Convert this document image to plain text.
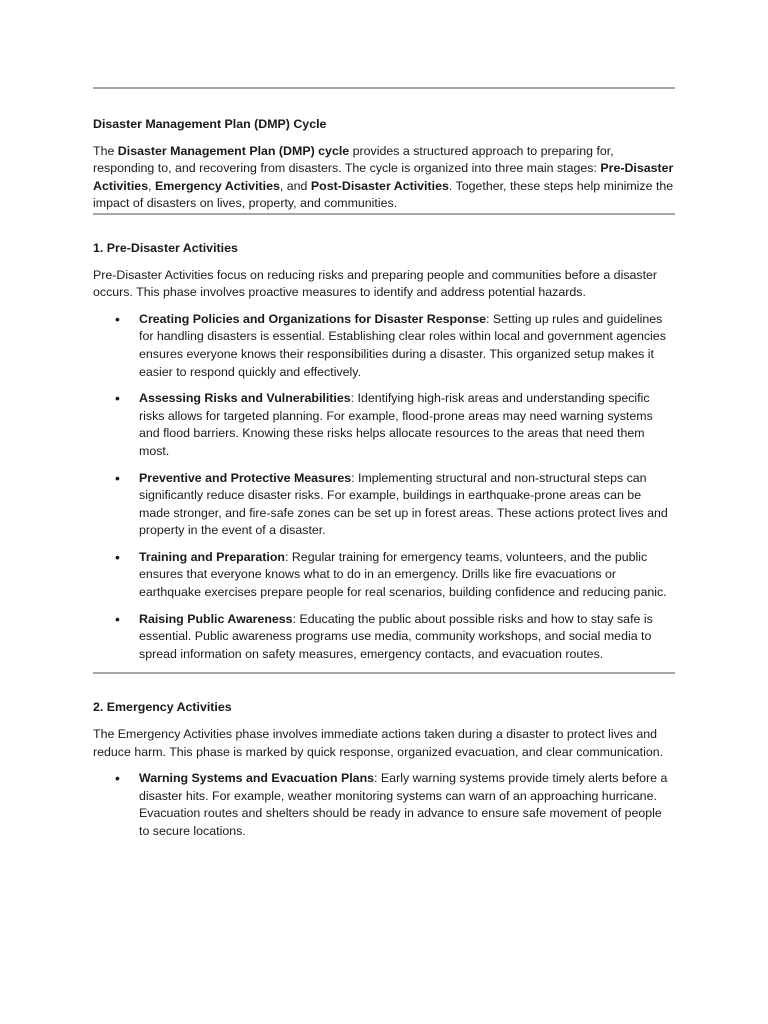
Disaster Management Plan (DMP) Cycle

The Disaster Management Plan (DMP) cycle provides a structured approach to preparing for, responding to, and recovering from disasters. The cycle is organized into three main stages: Pre-Disaster Activities, Emergency Activities, and Post-Disaster Activities. Together, these steps help minimize the impact of disasters on lives, property, and communities.

1. Pre-Disaster Activities

Pre-Disaster Activities focus on reducing risks and preparing people and communities before a disaster occurs. This phase involves proactive measures to identify and address potential hazards.

• Creating Policies and Organizations for Disaster Response: Setting up rules and guidelines for handling disasters is essential. Establishing clear roles within local and government agencies ensures everyone knows their responsibilities during a disaster. This organized setup makes it easier to respond quickly and effectively.
• Assessing Risks and Vulnerabilities: Identifying high-risk areas and understanding specific risks allows for targeted planning. For example, flood-prone areas may need warning systems and flood barriers. Knowing these risks helps allocate resources to the areas that need them most.
• Preventive and Protective Measures: Implementing structural and non-structural steps can significantly reduce disaster risks. For example, buildings in earthquake-prone areas can be made stronger, and fire-safe zones can be set up in forest areas. These actions protect lives and property in the event of a disaster.
• Training and Preparation: Regular training for emergency teams, volunteers, and the public ensures that everyone knows what to do in an emergency. Drills like fire evacuations or earthquake exercises prepare people for real scenarios, building confidence and reducing panic.
• Raising Public Awareness: Educating the public about possible risks and how to stay safe is essential. Public awareness programs use media, community workshops, and social media to spread information on safety measures, emergency contacts, and evacuation routes.

2. Emergency Activities

The Emergency Activities phase involves immediate actions taken during a disaster to protect lives and reduce harm. This phase is marked by quick response, organized evacuation, and clear communication.

• Warning Systems and Evacuation Plans: Early warning systems provide timely alerts before a disaster hits. For example, weather monitoring systems can warn of an approaching hurricane. Evacuation routes and shelters should be ready in advance to ensure safe movement of people to secure locations.
